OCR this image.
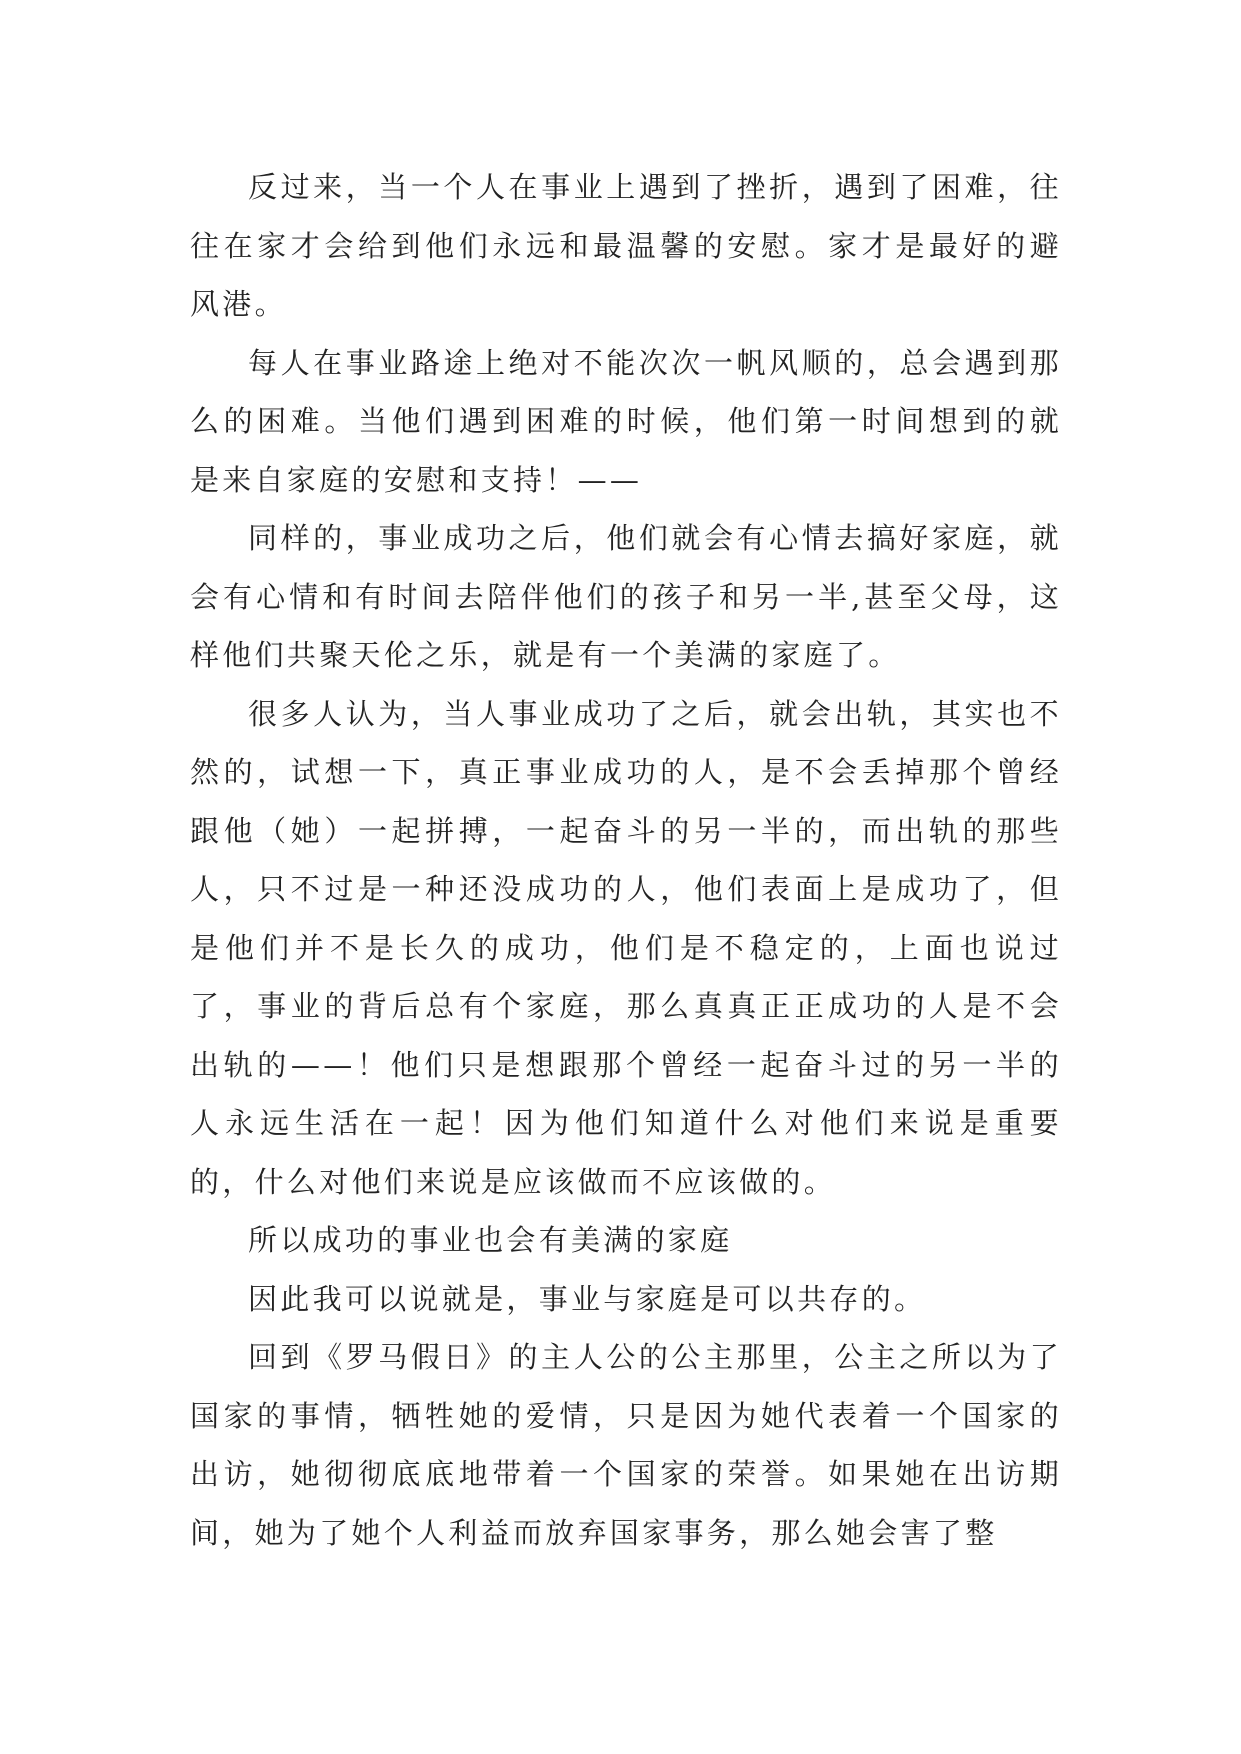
反过来，当一个人在事业上遇到了挫折，遇到了困难，往往在家才会给到他们永远和最温馨的安慰。家才是最好的避风港。

每人在事业路途上绝对不能次次一帆风顺的，总会遇到那么的困难。当他们遇到困难的时候，他们第一时间想到的就是来自家庭的安慰和支持！——

同样的，事业成功之后，他们就会有心情去搞好家庭，就会有心情和有时间去陪伴他们的孩子和另一半,甚至父母，这样他们共聚天伦之乐，就是有一个美满的家庭了。

很多人认为，当人事业成功了之后，就会出轨，其实也不然的，试想一下，真正事业成功的人，是不会丢掉那个曾经跟他（她）一起拼搏，一起奋斗的另一半的，而出轨的那些人，只不过是一种还没成功的人，他们表面上是成功了，但是他们并不是长久的成功，他们是不稳定的，上面也说过了，事业的背后总有个家庭，那么真真正正成功的人是不会出轨的——！他们只是想跟那个曾经一起奋斗过的另一半的人永远生活在一起！因为他们知道什么对他们来说是重要的，什么对他们来说是应该做而不应该做的。

所以成功的事业也会有美满的家庭

因此我可以说就是，事业与家庭是可以共存的。

回到《罗马假日》的主人公的公主那里，公主之所以为了国家的事情，牺牲她的爱情，只是因为她代表着一个国家的出访，她彻彻底底地带着一个国家的荣誉。如果她在出访期间，她为了她个人利益而放弃国家事务，那么她会害了整
